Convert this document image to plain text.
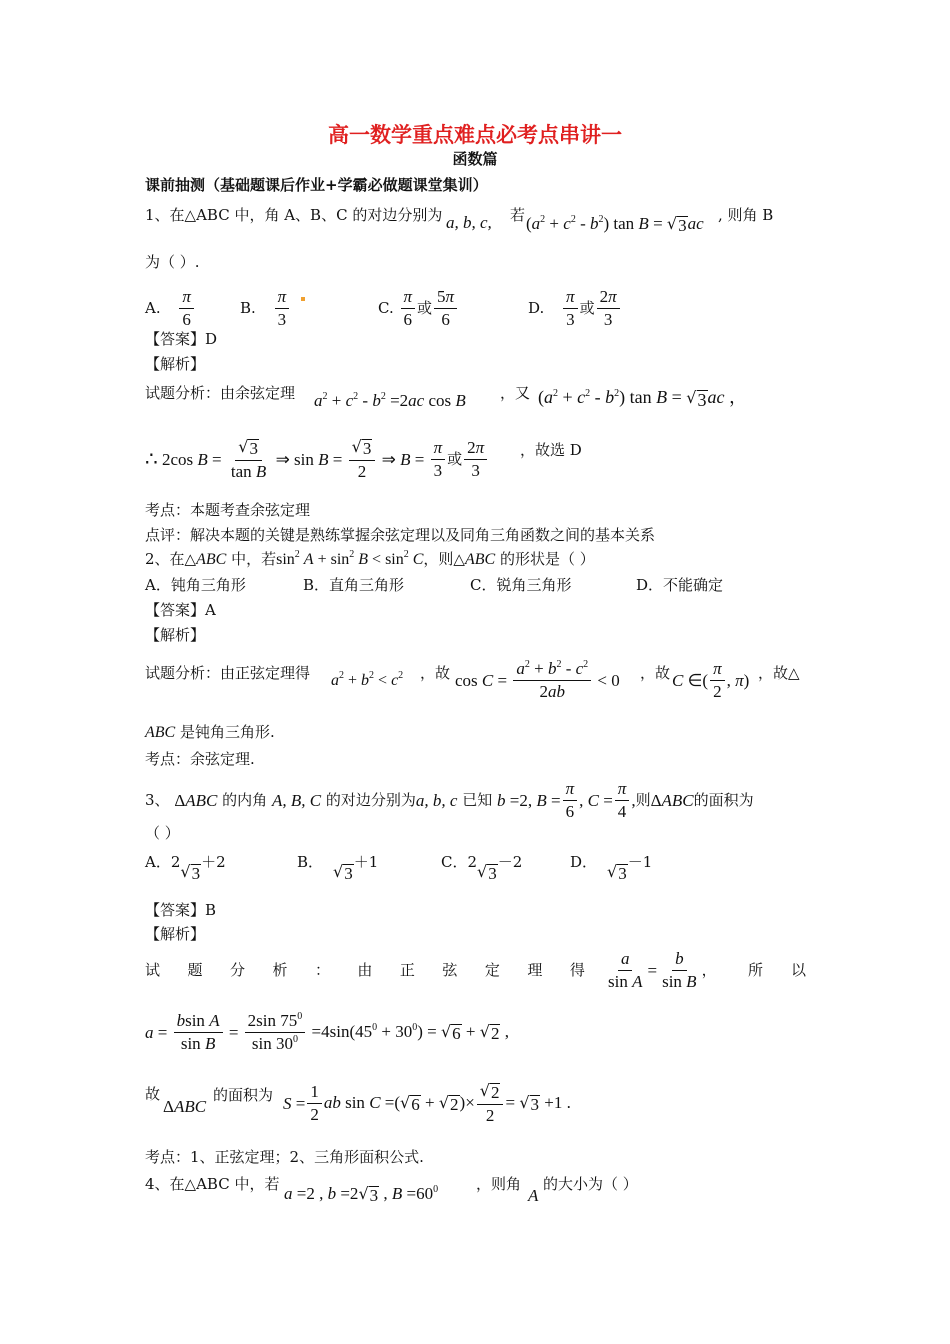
高一数学重点难点必考点串讲一
函数篇
课前抽测（基础题课后作业+学霸必做题课堂集训）
1、在△ABC 中，角 A、B、C 的对边分别为 a, b, c, 若 $(a^2 + c^2 - b^2)$ tan B = √ 3 ac , 则角 B
为（ ）.
A. $\frac{\pi}{6}$	B. $\frac{\pi}{3}$	C. $\frac{\pi}{6}$ 或 $\frac{5\pi}{6}$	D. $\frac{\pi}{3}$ 或 $\frac{2\pi}{3}$
【答案】D
【解析】
试题分析：由余弦定理 $a^2 + c^2 - b^2 =2ac$ cos B ，又 $(a^2 + c^2 - b^2)$ tan B = √ 3 ac ，
∴ 2cos $B = \frac{√ 3}{\text{tan B}}$ ⇒ $\sin B = \frac{√ 3}{2}$ ⇒ $B = \frac{\pi}{3}$ 或 $\frac{2\pi}{3}$ ，故选 D
考点：本题考查余弦定理
点评：解决本题的关键是熟练掌握余弦定理以及同角三角函数之间的基本关系
2、在△ABC 中，若$\sin^2 A + \sin^2 B < \sin^2 C$，则△ABC 的形状是（ ）
A．钝角三角形	B．直角三角形	C．锐角三角形	D．不能确定
【答案】A
【解析】
试题分析：由正弦定理得 $a^2 + b^2 < c^2$ ，故 $\cos C = \frac{a^2 + b^2 - c^2}{2ab} < 0$ ，故 C ∈( $\frac{\pi}{2}$ , π) ，故△
ABC 是钝角三角形.
考点：余弦定理.
3、 ΔABC 的内角 A, B, C 的对边分别为a, b, c 已知 b =2, $B = \frac{\pi}{6}$ , $C = \frac{\pi}{4}$ ,则ΔABC的面积为
（ ）
A．2 √ 3
＋2	B． √ 3
＋1	C．2 √ 3
－2	D． √ 3
－1
【答案】B
【解析】
试 题 分 析 ： 由 正 弦 定 理 得 $\frac{a}{\text{sin A}} = \frac{b}{\text{sin B}}$ ， 所 以
$a = \frac{\text{bsin A}}{\text{sin B}} = \frac{2\sin 75^0}{\sin 30^0} =4\sin(45^0 + 30^0)$ = √ 6 + √ 2 ,
故
ΔABC
的面积为 $S = \frac{1}{2}$ ab sin C =( √ 6 + √ 2 )× $\frac{√ 2}{2}$ = √ 3 +1 .
考点：1、正弦定理；2、三角形面积公式.
4、在△ABC 中，若 a =2 , b =2 √ 3 , $B =60^0$	，则角
A
的大小为（ ）
